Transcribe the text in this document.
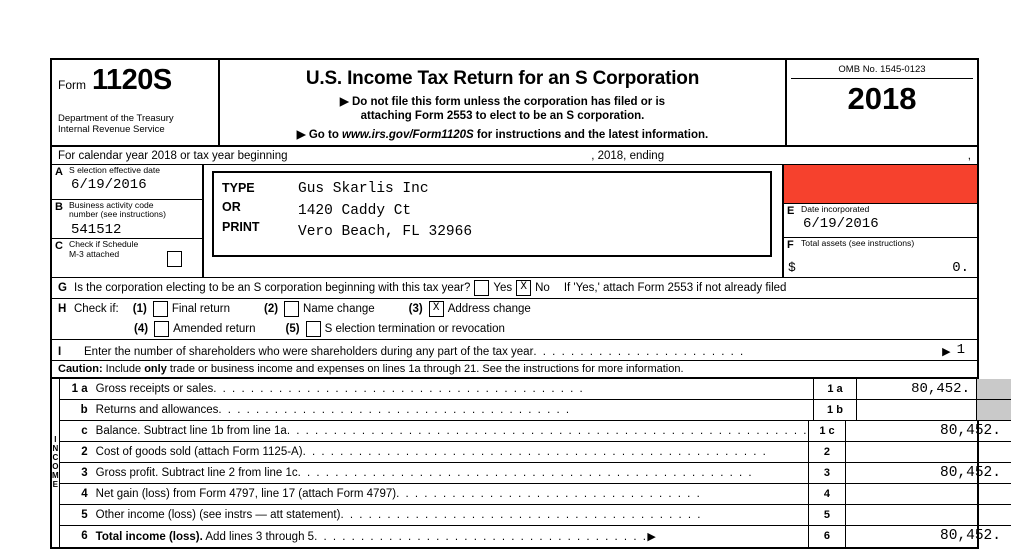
Form 1120S
Department of the Treasury
Internal Revenue Service
U.S. Income Tax Return for an S Corporation
▶ Do not file this form unless the corporation has filed or is
attaching Form 2553 to elect to be an S corporation.
▶ Go to www.irs.gov/Form1120S for instructions and the latest information.
OMB No. 1545-0123
2018
For calendar year 2018 or tax year beginning	, 2018, ending	,
A S election effective date
6/19/2016
B Business activity code
number (see instructions)
541512
C Check if Schedule
M-3 attached
TYPE
OR
PRINT
Gus Skarlis Inc
1420 Caddy Ct
Vero Beach, FL 32966
E Date incorporated
6/19/2016
F Total assets (see instructions)
$	0.
G Is the corporation electing to be an S corporation beginning with this tax year? Yes X No If 'Yes,' attach Form 2553 if not already filed
H Check if: (1) Final return	(2) Name change	(3) X Address change
(4) Amended return	(5) S election termination or revocation
I	Enter the number of shareholders who were shareholders during any part of the tax year . . . . . . . . . . . . . . . . . . . . . . .	▶ 1
Caution: Include only trade or business income and expenses on lines 1a through 21. See the instructions for more information.
I
N
C
O
M
E
1 a Gross receipts or sales. . . . . . . . . . . . . . . . . . . . . . . . . . . . . . . . . . . . . . . .	1 a	80,452.
b Returns and allowances. . . . . . . . . . . . . . . . . . . . . . . . . . . . . . . . . . . . . .	1 b
c Balance. Subtract line 1b from line 1a. . . . . . . . . . . . . . . . . . . . . . . . . . . . . . . . . . . . . . . . . . . . . . . . . . . . . . . .	1 c	80,452.
2 Cost of goods sold (attach Form 1125-A). . . . . . . . . . . . . . . . . . . . . . . . . . . . . . . . . . . . . . . . . . . . . . . . . .	2
3 Gross profit. Subtract line 2 from line 1c. . . . . . . . . . . . . . . . . . . . . . . . . . . . . . . . . . . . . . . . . . . . . . . . .	3	80,452.
4 Net gain (loss) from Form 4797, line 17 (attach Form 4797). . . . . . . . . . . . . . . . . . . . . . . . . . . . . . . . .	4
5 Other income (loss) (see instrs — att statement). . . . . . . . . . . . . . . . . . . . . . . . . . . . . . . . . . . . . . .	5
6 Total income (loss). Add lines 3 through 5. . . . . . . . . . . . . . . . . . . . . . . . . . . . . . . . . . . .▶	6	80,452.
